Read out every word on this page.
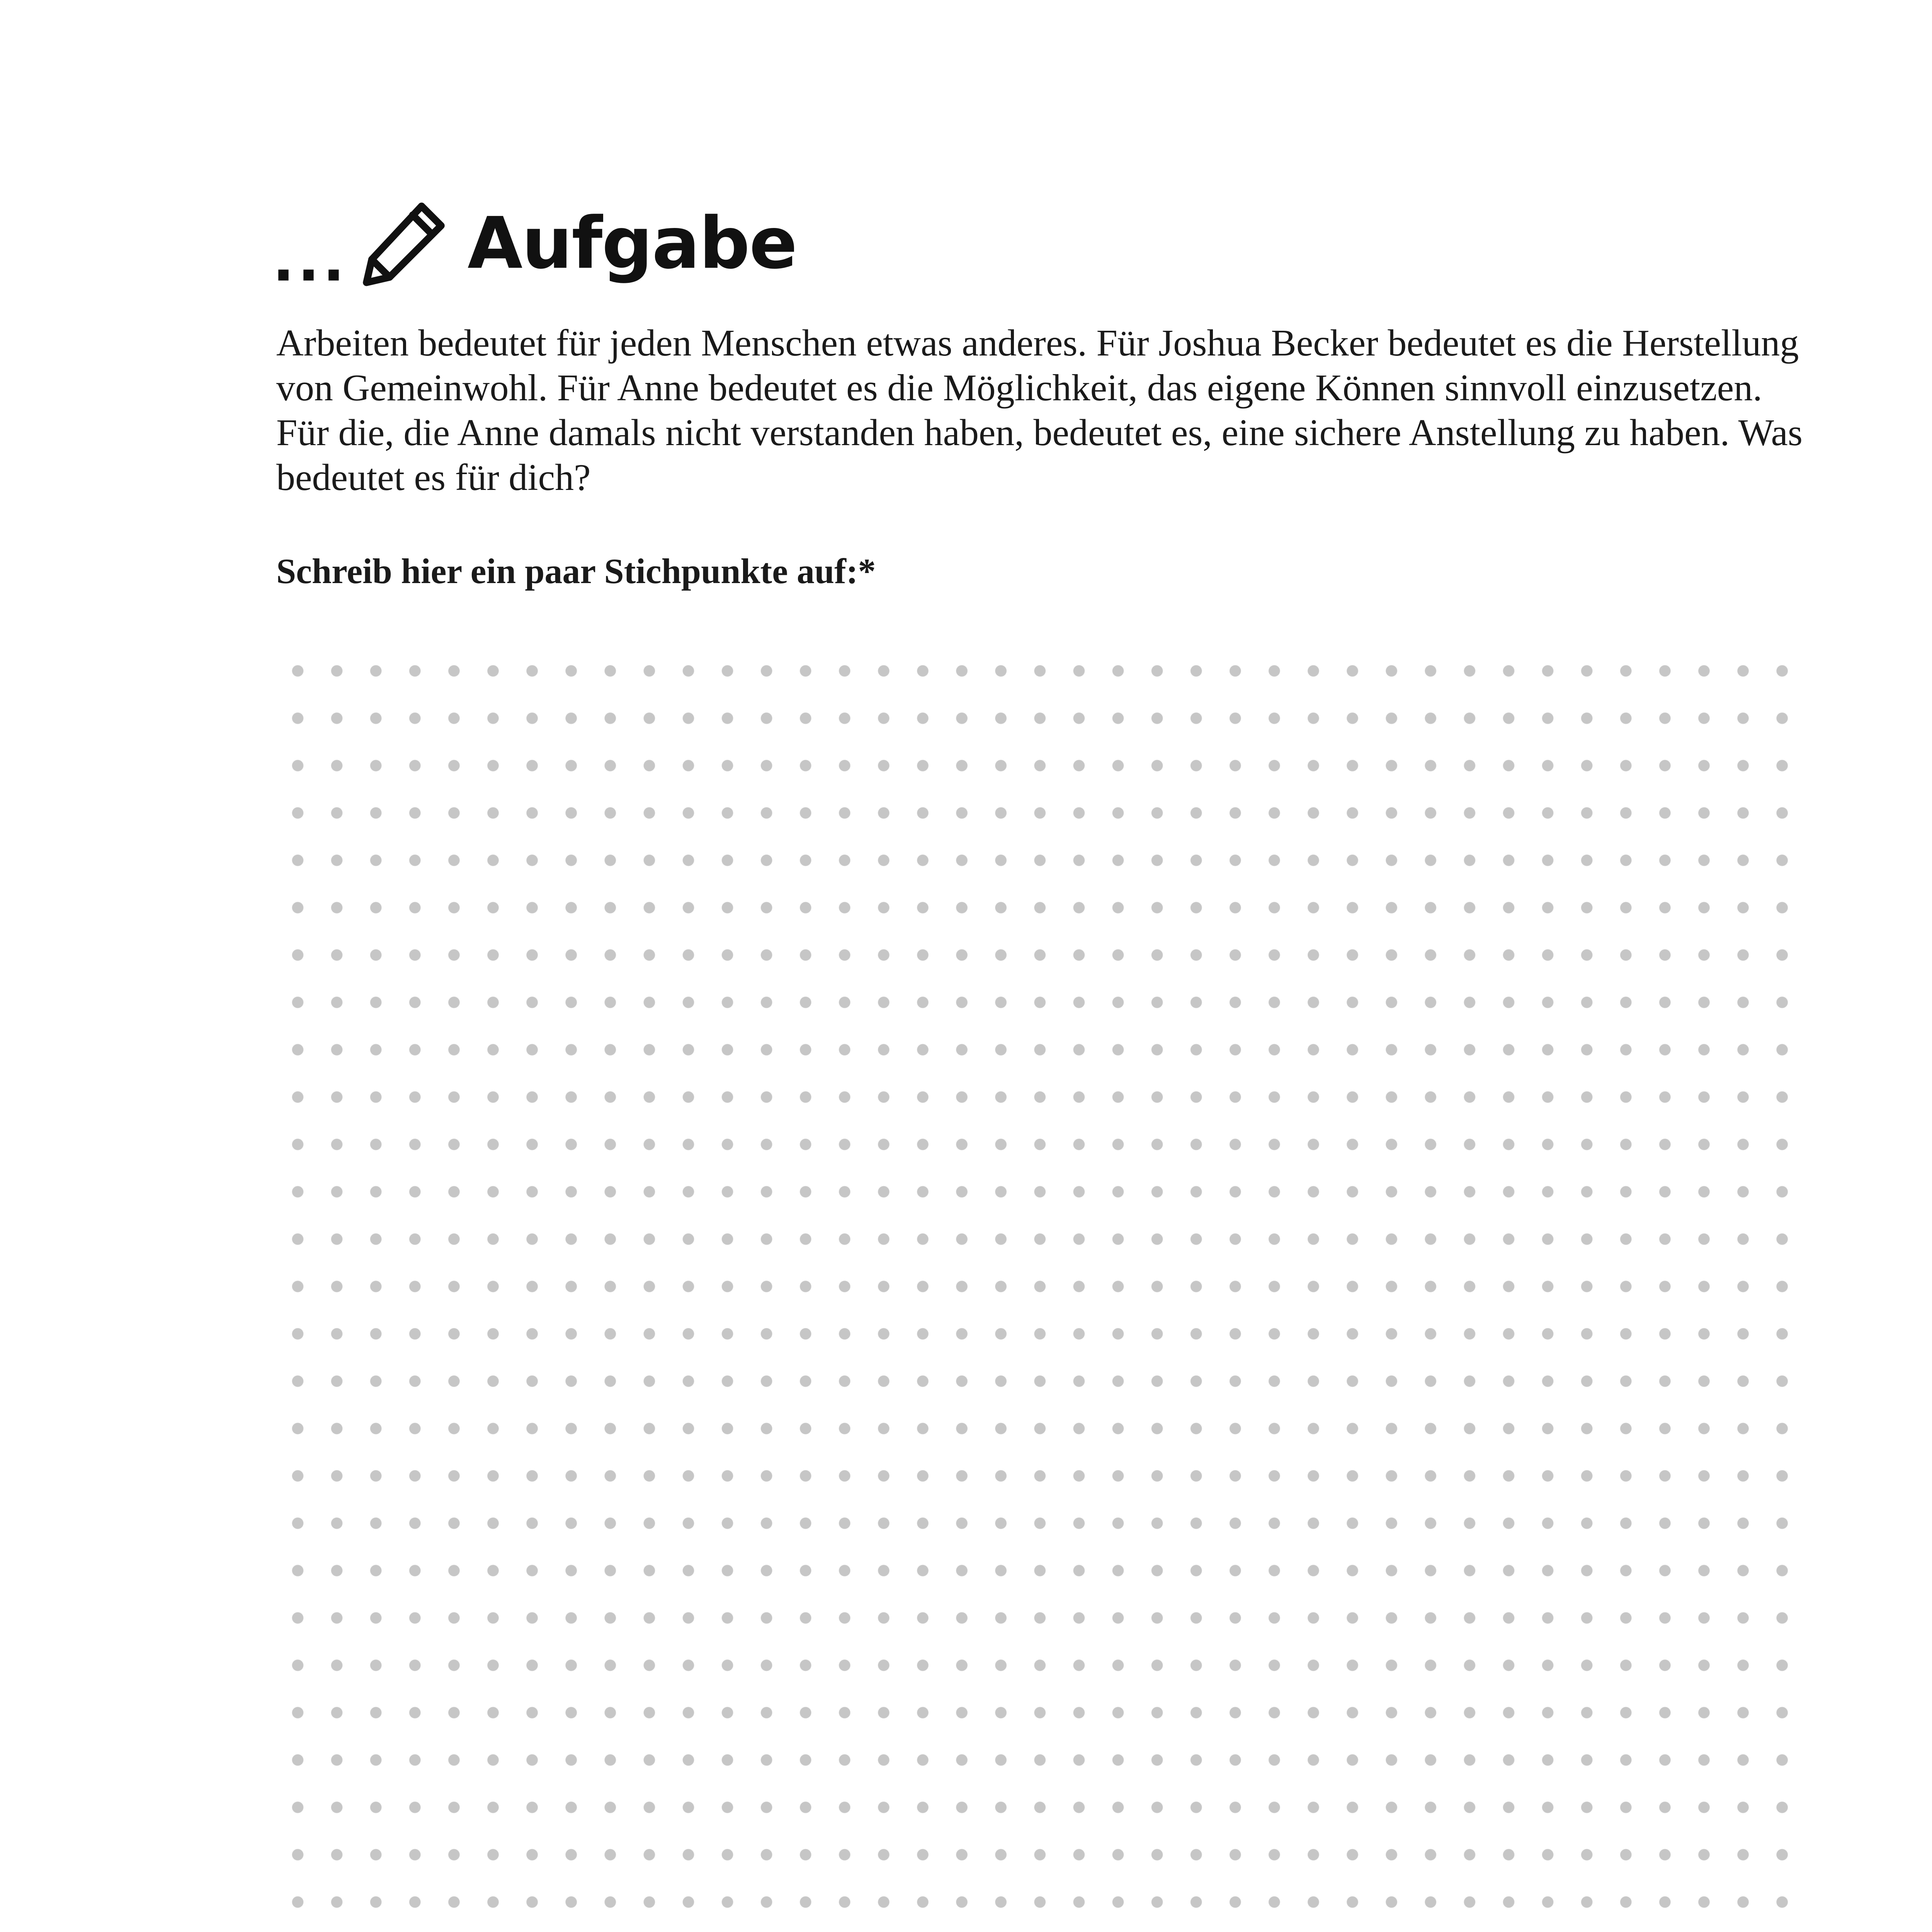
... Aufgabe

Arbeiten bedeutet für jeden Menschen etwas anderes. Für Joshua Becker bedeutet es die Herstellung von Gemeinwohl. Für Anne bedeutet es die Möglichkeit, das eigene Können sinnvoll einzusetzen. Für die, die Anne damals nicht verstanden haben, bedeutet es, eine sichere Anstellung zu haben. Was bedeutet es für dich?

Schreib hier ein paar Stichpunkte auf:*
